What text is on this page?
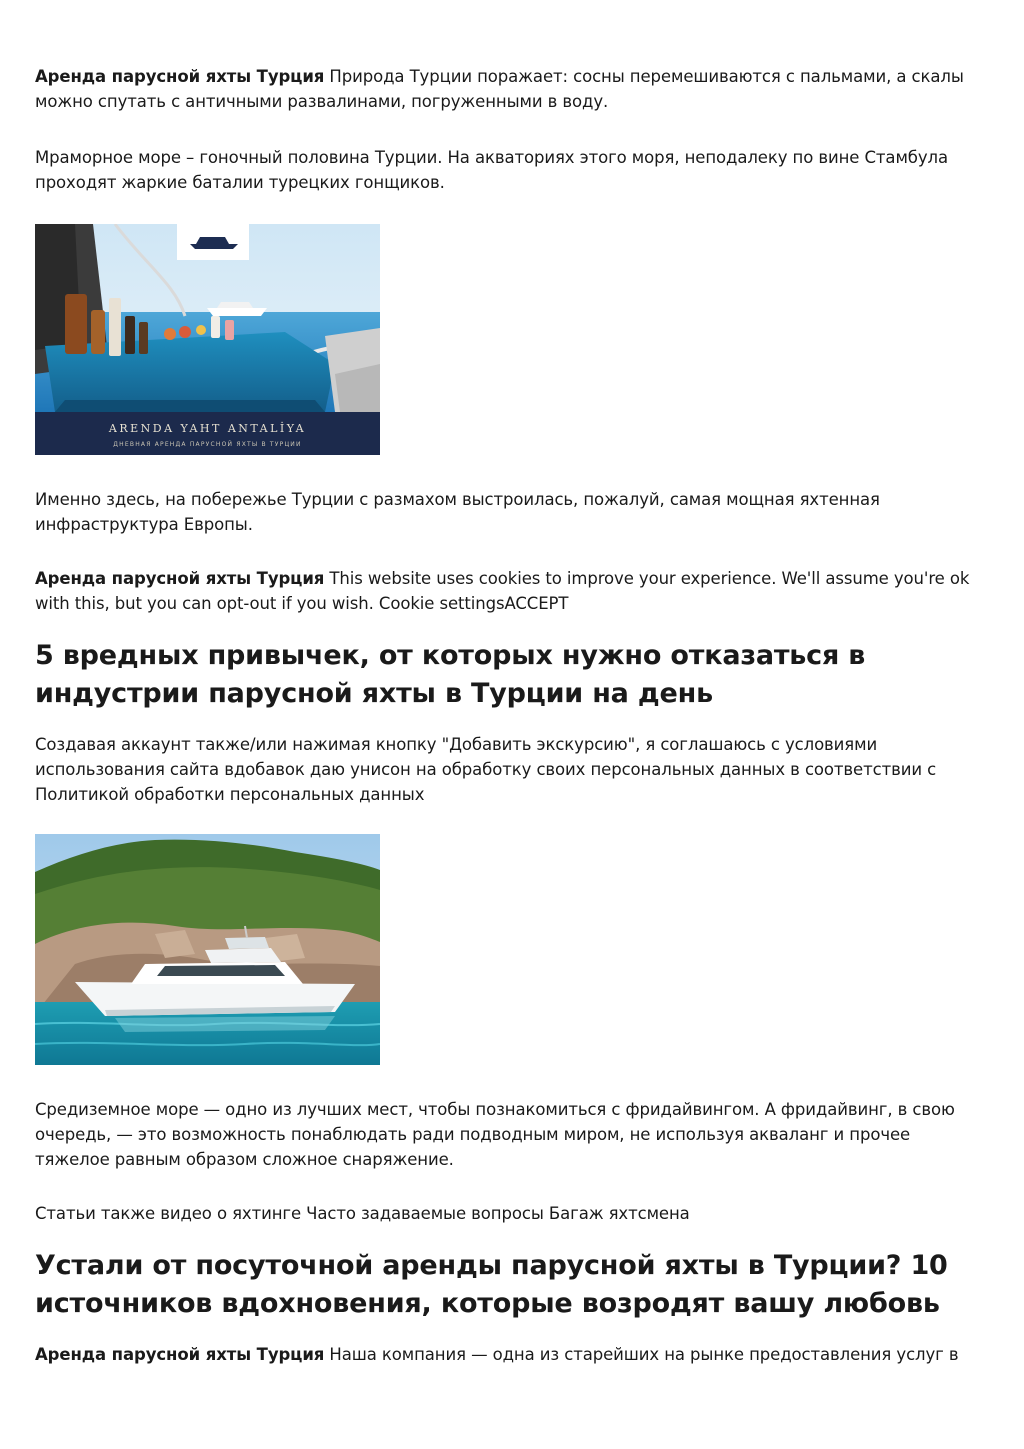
Аренда парусной яхты Турция Природа Турции поражает: сосны перемешиваются с пальмами, а скалы можно спутать с античными развалинами, погруженными в воду.

Мраморное море – гоночный половина Турции. На акваториях этого моря, неподалеку по вине Стамбула проходят жаркие баталии турецких гонщиков.

ARENDA YAHT ANTALİYA
ДНЕВНАЯ АРЕНДА ПАРУСНОЙ ЯХТЫ В ТУРЦИИ

Именно здесь, на побережье Турции с размахом выстроилась, пожалуй, самая мощная яхтенная инфраструктура Европы.

Аренда парусной яхты Турция This website uses cookies to improve your experience. We'll assume you're ok with this, but you can opt-out if you wish. Cookie settingsACCEPT

5 вредных привычек, от которых нужно отказаться в индустрии парусной яхты в Турции на день

Создавая аккаунт также/или нажимая кнопку "Добавить экскурсию", я соглашаюсь с условиями использования сайта вдобавок даю унисон на обработку своих персональных данных в соответствии с Политикой обработки персональных данных

Средиземное море — одно из лучших мест, чтобы познакомиться с фридайвингом. А фридайвинг, в свою очередь, — это возможность понаблюдать ради подводным миром, не используя акваланг и прочее тяжелое равным образом сложное снаряжение.

Статьи также видео о яхтинге Часто задаваемые вопросы Багаж яхтсмена

Устали от посуточной аренды парусной яхты в Турции? 10 источников вдохновения, которые возродят вашу любовь

Аренда парусной яхты Турция Наша компания — одна из старейших на рынке предоставления услуг в
